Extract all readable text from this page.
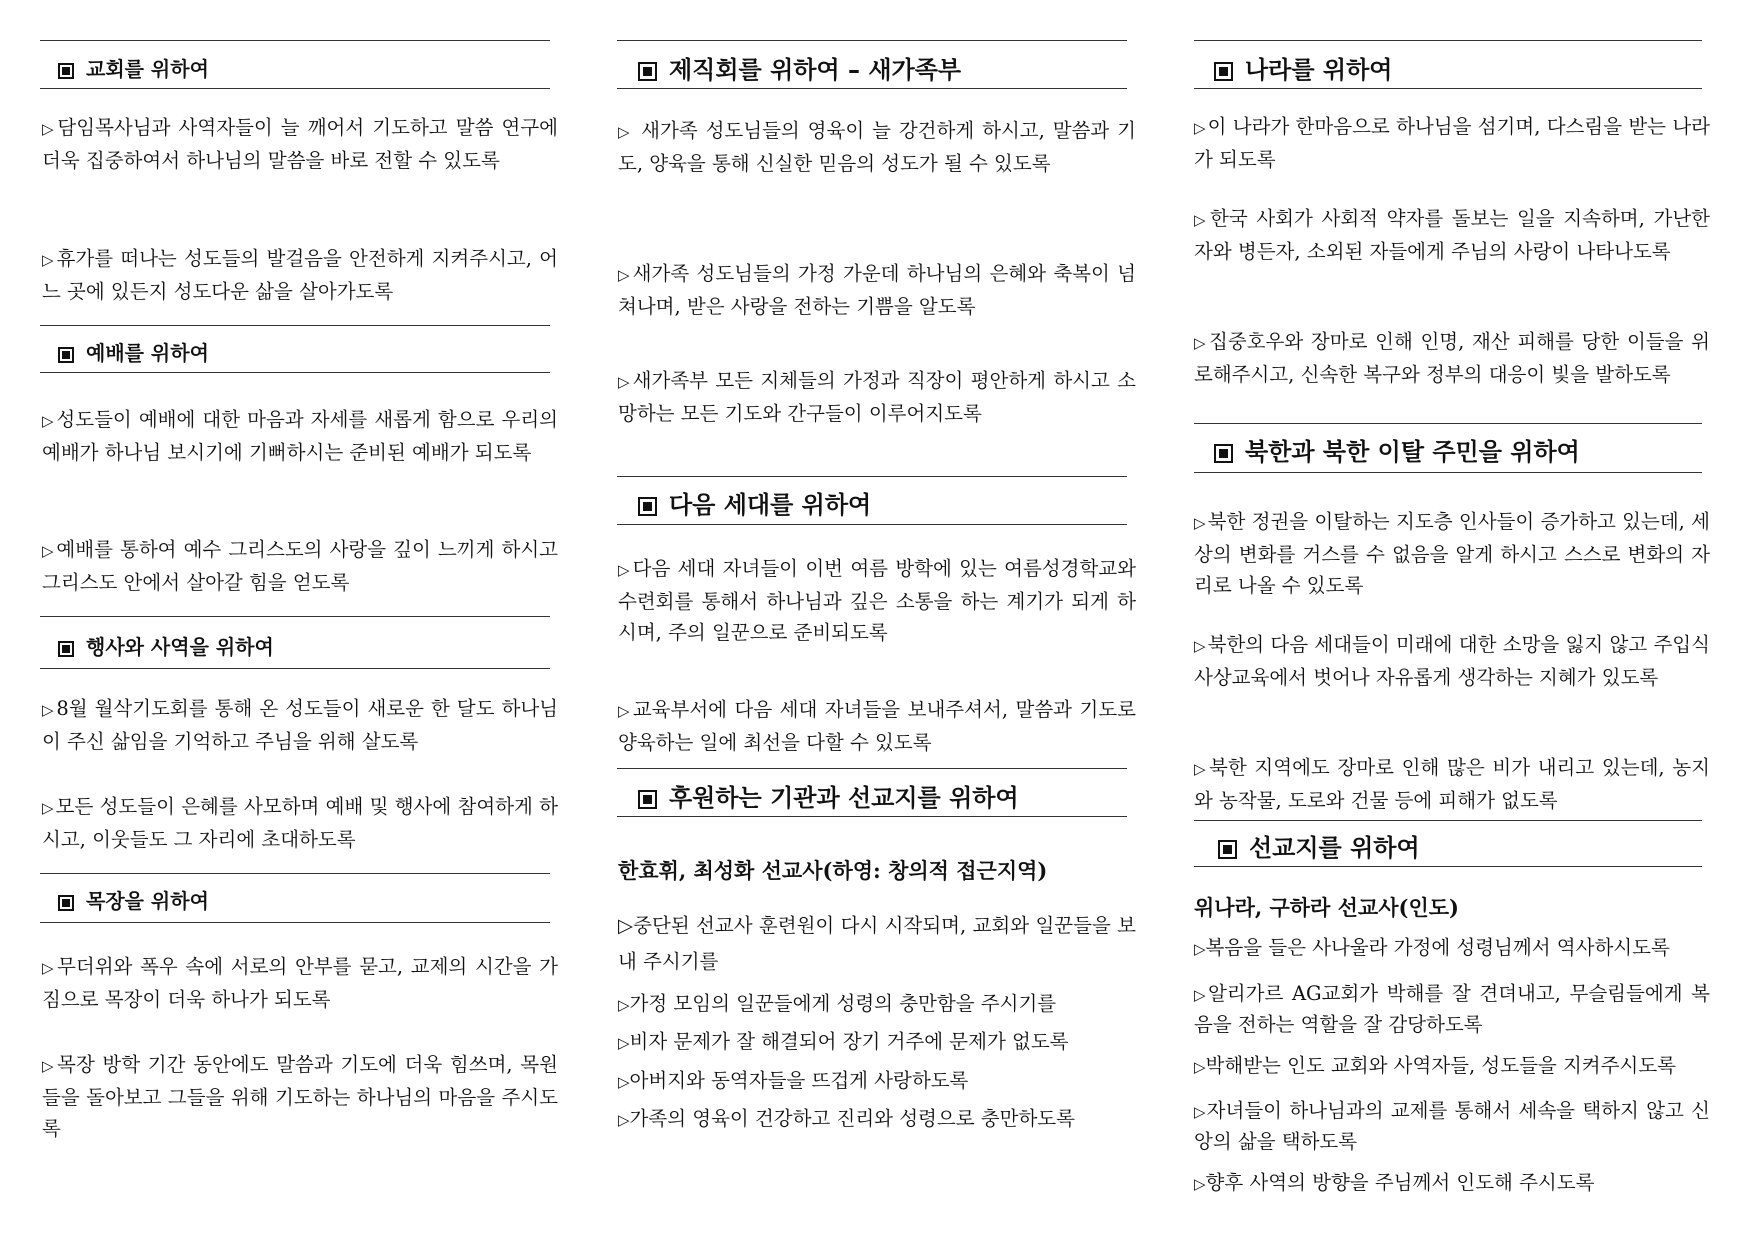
교회를 위하여
▷ 담임목사님과 사역자들이 늘 깨어서 기도하고 말씀 연구에 더욱 집중하여서 하나님의 말씀을 바로 전할 수 있도록
▷ 휴가를 떠나는 성도들의 발걸음을 안전하게 지켜주시고, 어느 곳에 있든지 성도다운 삶을 살아가도록
예배를 위하여
▷ 성도들이 예배에 대한 마음과 자세를 새롭게 함으로 우리의 예배가 하나님 보시기에 기뻐하시는 준비된 예배가 되도록
▷ 예배를 통하여 예수 그리스도의 사랑을 깊이 느끼게 하시고 그리스도 안에서 살아갈 힘을 얻도록
행사와 사역을 위하여
▷ 8월 월삭기도회를 통해 온 성도들이 새로운 한 달도 하나님이 주신 삶임을 기억하고 주님을 위해 살도록
▷ 모든 성도들이 은혜를 사모하며 예배 및 행사에 참여하게 하시고, 이웃들도 그 자리에 초대하도록
목장을 위하여
▷ 무더위와 폭우 속에 서로의 안부를 묻고, 교제의 시간을 가짐으로 목장이 더욱 하나가 되도록
▷ 목장 방학 기간 동안에도 말씀과 기도에 더욱 힘쓰며, 목원들을 돌아보고 그들을 위해 기도하는 하나님의 마음을 주시도록
제직회를 위하여 – 새가족부
▷ 새가족 성도님들의 영육이 늘 강건하게 하시고, 말씀과 기도, 양육을 통해 신실한 믿음의 성도가 될 수 있도록
▷ 새가족 성도님들의 가정 가운데 하나님의 은혜와 축복이 넘쳐나며, 받은 사랑을 전하는 기쁨을 알도록
▷ 새가족부 모든 지체들의 가정과 직장이 평안하게 하시고 소망하는 모든 기도와 간구들이 이루어지도록
다음 세대를 위하여
▷ 다음 세대 자녀들이 이번 여름 방학에 있는 여름성경학교와 수련회를 통해서 하나님과 깊은 소통을 하는 계기가 되게 하시며, 주의 일꾼으로 준비되도록
▷ 교육부서에 다음 세대 자녀들을 보내주셔서, 말씀과 기도로 양육하는 일에 최선을 다할 수 있도록
후원하는 기관과 선교지를 위하여
한효휘, 최성화 선교사(하영: 창의적 접근지역)
▷중단된 선교사 훈련원이 다시 시작되며, 교회와 일꾼들을 보내 주시기를
▷가정 모임의 일꾼들에게 성령의 충만함을 주시기를
▷비자 문제가 잘 해결되어 장기 거주에 문제가 없도록
▷아버지와 동역자들을 뜨겁게 사랑하도록
▷가족의 영육이 건강하고 진리와 성령으로 충만하도록
나라를 위하여
▷ 이 나라가 한마음으로 하나님을 섬기며, 다스림을 받는 나라가 되도록
▷ 한국 사회가 사회적 약자를 돌보는 일을 지속하며, 가난한 자와 병든자, 소외된 자들에게 주님의 사랑이 나타나도록
▷ 집중호우와 장마로 인해 인명, 재산 피해를 당한 이들을 위로해주시고, 신속한 복구와 정부의 대응이 빛을 발하도록
북한과 북한 이탈 주민을 위하여
▷ 북한 정권을 이탈하는 지도층 인사들이 증가하고 있는데, 세상의 변화를 거스를 수 없음을 알게 하시고 스스로 변화의 자리로 나올 수 있도록
▷ 북한의 다음 세대들이 미래에 대한 소망을 잃지 않고 주입식 사상교육에서 벗어나 자유롭게 생각하는 지혜가 있도록
▷ 북한 지역에도 장마로 인해 많은 비가 내리고 있는데, 농지와 농작물, 도로와 건물 등에 피해가 없도록
선교지를 위하여
위나라, 구하라 선교사(인도)
▷복음을 들은 사나울라 가정에 성령님께서 역사하시도록
▷알리가르 AG교회가 박해를 잘 견뎌내고, 무슬림들에게 복음을 전하는 역할을 잘 감당하도록
▷박해받는 인도 교회와 사역자들, 성도들을 지켜주시도록
▷자녀들이 하나님과의 교제를 통해서 세속을 택하지 않고 신앙의 삶을 택하도록
▷향후 사역의 방향을 주님께서 인도해 주시도록
